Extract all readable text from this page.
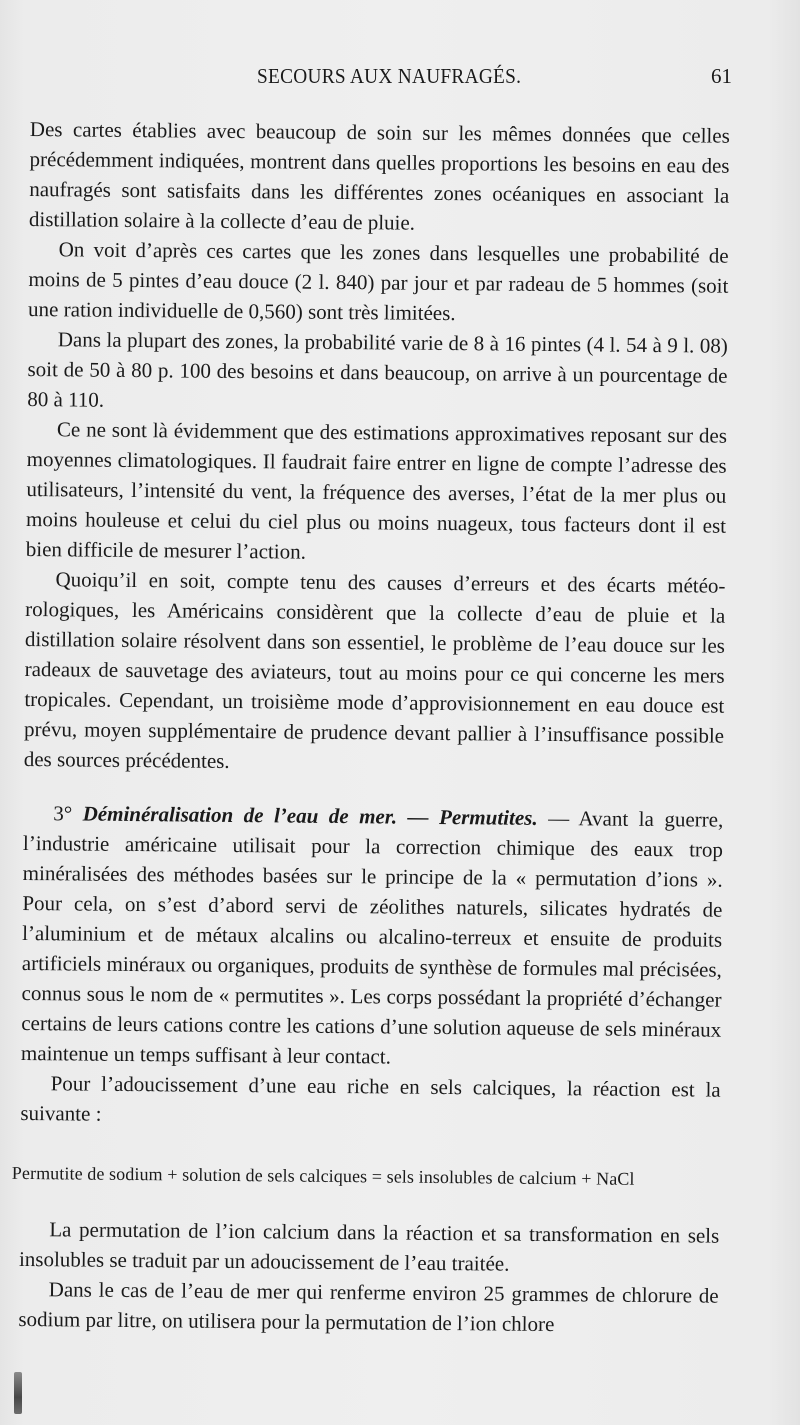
SECOURS AUX NAUFRAGÉS.	61

Des cartes établies avec beaucoup de soin sur les mêmes données que celles précédemment indiquées, montrent dans quelles proportions les besoins en eau des naufragés sont satisfaits dans les différentes zones océaniques en associant la distillation solaire à la collecte d’eau de pluie.

On voit d’après ces cartes que les zones dans lesquelles une probabilité de moins de 5 pintes d’eau douce (2 l. 840) par jour et par radeau de 5 hommes (soit une ration individuelle de 0,560) sont très limitées.

Dans la plupart des zones, la probabilité varie de 8 à 16 pintes (4 l. 54 à 9 l. 08) soit de 50 à 80 p. 100 des besoins et dans beaucoup, on arrive à un pourcentage de 80 à 110.

Ce ne sont là évidemment que des estimations approximatives reposant sur des moyennes climatologiques. Il faudrait faire entrer en ligne de compte l’adresse des utilisateurs, l’intensité du vent, la fréquence des averses, l’état de la mer plus ou moins houleuse et celui du ciel plus ou moins nuageux, tous facteurs dont il est bien difficile de mesurer l’action.

Quoiqu’il en soit, compte tenu des causes d’erreurs et des écarts météorologiques, les Américains considèrent que la collecte d’eau de pluie et la distillation solaire résolvent dans son essentiel, le problème de l’eau douce sur les radeaux de sauvetage des aviateurs, tout au moins pour ce qui concerne les mers tropicales. Cependant, un troisième mode d’approvisionnement en eau douce est prévu, moyen supplémentaire de prudence devant pallier à l’insuffisance possible des sources précédentes.

3° Déminéralisation de l’eau de mer. — Permutites. — Avant la guerre, l’industrie américaine utilisait pour la correction chimique des eaux trop minéralisées des méthodes basées sur le principe de la « permutation d’ions ». Pour cela, on s’est d’abord servi de zéolithes naturels, silicates hydratés de l’aluminium et de métaux alcalins ou alcalino-terreux et ensuite de produits artificiels minéraux ou organiques, produits de synthèse de formules mal précisées, connus sous le nom de « permutites ». Les corps possédant la propriété d’échanger certains de leurs cations contre les cations d’une solution aqueuse de sels minéraux maintenue un temps suffisant à leur contact.

Pour l’adoucissement d’une eau riche en sels calciques, la réaction est la suivante :

Permutite de sodium + solution de sels calciques = sels insolubles de calcium + NaCl

La permutation de l’ion calcium dans la réaction et sa transformation en sels insolubles se traduit par un adoucissement de l’eau traitée.

Dans le cas de l’eau de mer qui renferme environ 25 grammes de chlorure de sodium par litre, on utilisera pour la permutation de l’ion chlore
